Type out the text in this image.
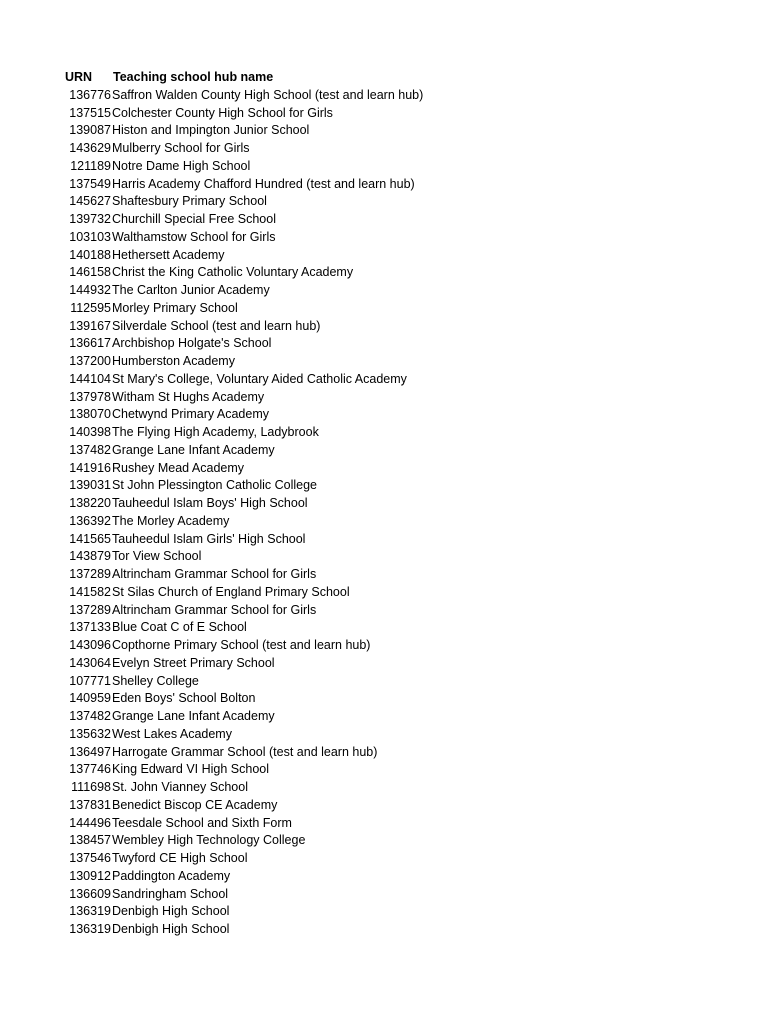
URN	Teaching school hub name
136776 Saffron Walden County High School (test and learn hub)
137515 Colchester County High School for Girls
139087 Histon and Impington Junior School
143629 Mulberry School for Girls
121189 Notre Dame High School
137549 Harris Academy Chafford Hundred (test and learn hub)
145627 Shaftesbury Primary School
139732 Churchill Special Free School
103103 Walthamstow School for Girls
140188 Hethersett Academy
146158 Christ the King Catholic Voluntary Academy
144932 The Carlton Junior Academy
112595 Morley Primary School
139167 Silverdale School (test and learn hub)
136617 Archbishop Holgate's School
137200 Humberston Academy
144104 St Mary's College, Voluntary Aided Catholic Academy
137978 Witham St Hughs Academy
138070 Chetwynd Primary Academy
140398 The Flying High Academy, Ladybrook
137482 Grange Lane Infant Academy
141916 Rushey Mead Academy
139031 St John Plessington Catholic College
138220 Tauheedul Islam Boys' High School
136392 The Morley Academy
141565 Tauheedul Islam Girls' High School
143879 Tor View School
137289 Altrincham Grammar School for Girls
141582 St Silas Church of England Primary School
137289 Altrincham Grammar School for Girls
137133 Blue Coat C of E School
143096 Copthorne Primary School (test and learn hub)
143064 Evelyn Street Primary School
107771 Shelley College
140959 Eden Boys' School Bolton
137482 Grange Lane Infant Academy
135632 West Lakes Academy
136497 Harrogate Grammar School (test and learn hub)
137746 King Edward VI High School
111698 St. John Vianney School
137831 Benedict Biscop CE Academy
144496 Teesdale School and Sixth Form
138457 Wembley High Technology College
137546 Twyford CE High School
130912 Paddington Academy
136609 Sandringham School
136319 Denbigh High School
136319 Denbigh High School
